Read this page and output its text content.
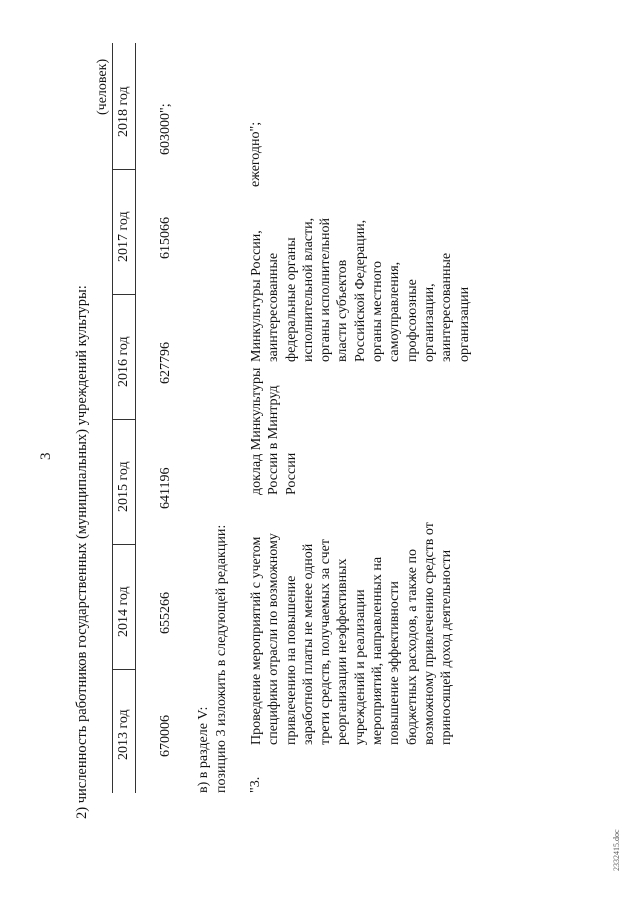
3 2) численность работников государственных (муниципальных) учреждений культуры:
(человек)
2013 год
2014 год
2015 год
2016 год
2017 год
2018 год
670006
655266
641196
627796
615066
603000";
в) в разделе V: позицию 3 изложить в следующей редакции: "3.
Проведение мероприятий с учетом специфики отрасли по возможному привлечению на повышение заработной платы не менее одной трети средств, получаемых за счет реорганизации неэффективных учреждений и реализации мероприятий, направленных на повышение эффективности бюджетных расходов, а также по возможному привлечению средств от приносящей доход деятельности
доклад Минкультуры России в Минтруд России
Минкультуры России, заинтересованные федеральные органы исполнительной власти, органы исполнительной власти субъектов Российской Федерации, органы местного самоуправления, профсоюзные организации, заинтересованные организации
ежегодно";
2332415.doc
